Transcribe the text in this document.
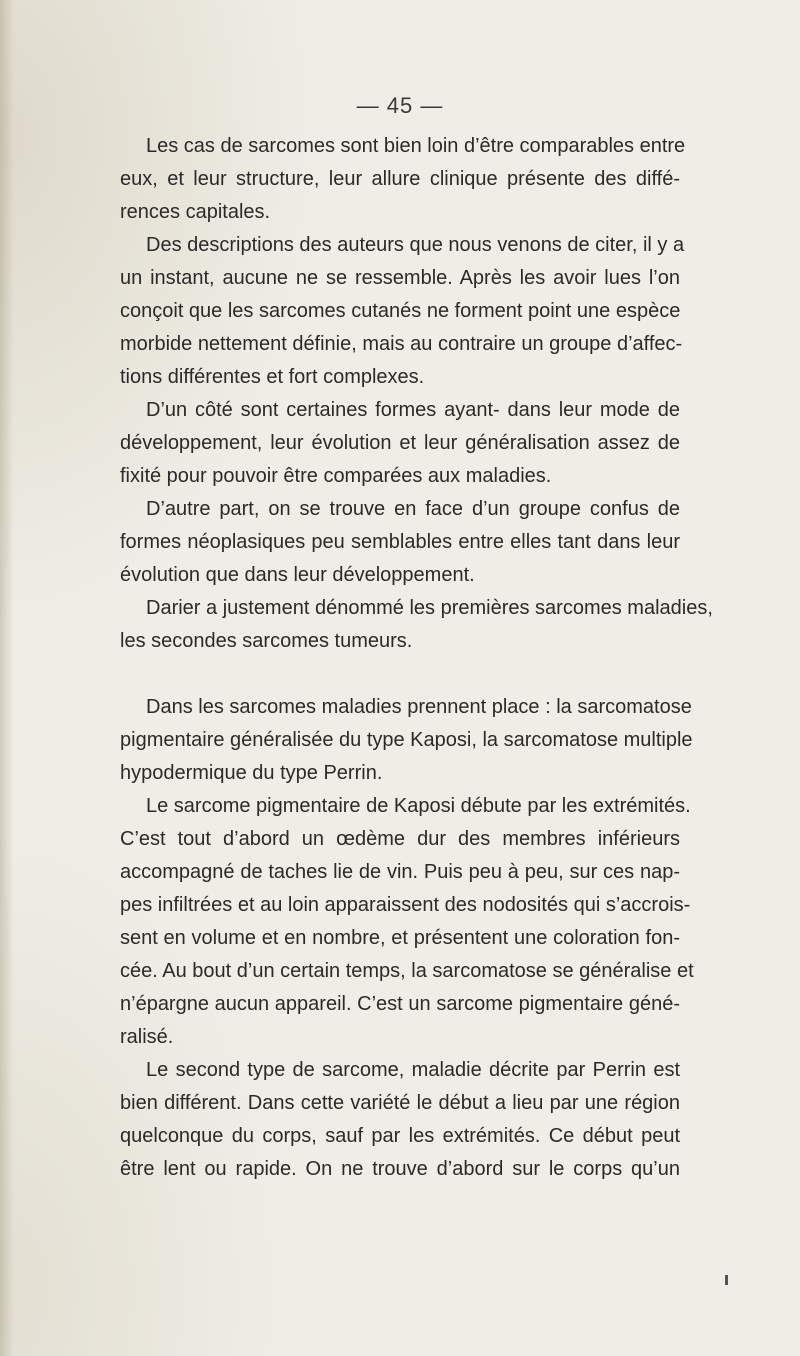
— 45 —
Les cas de sarcomes sont bien loin d’être comparables entre
eux, et leur structure, leur allure clinique présente des diffé-
rences capitales.
Des descriptions des auteurs que nous venons de citer, il y a
un instant, aucune ne se ressemble. Après les avoir lues l’on
conçoit que les sarcomes cutanés ne forment point une espèce
morbide nettement définie, mais au contraire un groupe d’affec-
tions différentes et fort complexes.
D’un côté sont certaines formes ayant- dans leur mode de
développement, leur évolution et leur généralisation assez de
fixité pour pouvoir être comparées aux maladies.
D’autre part, on se trouve en face d’un groupe confus de
formes néoplasiques peu semblables entre elles tant dans leur
évolution que dans leur développement.
Darier a justement dénommé les premières sarcomes maladies,
les secondes sarcomes tumeurs.
Dans les sarcomes maladies prennent place : la sarcomatose
pigmentaire généralisée du type Kaposi, la sarcomatose multiple
hypodermique du type Perrin.
Le sarcome pigmentaire de Kaposi débute par les extrémités.
C’est tout d’abord un œdème dur des membres inférieurs
accompagné de taches lie de vin. Puis peu à peu, sur ces nap-
pes infiltrées et au loin apparaissent des nodosités qui s’accrois-
sent en volume et en nombre, et présentent une coloration fon-
cée. Au bout d’un certain temps, la sarcomatose se généralise et
n’épargne aucun appareil. C’est un sarcome pigmentaire géné-
ralisé.
Le second type de sarcome, maladie décrite par Perrin est
bien différent. Dans cette variété le début a lieu par une région
quelconque du corps, sauf par les extrémités. Ce début peut
être lent ou rapide. On ne trouve d’abord sur le corps qu’un
